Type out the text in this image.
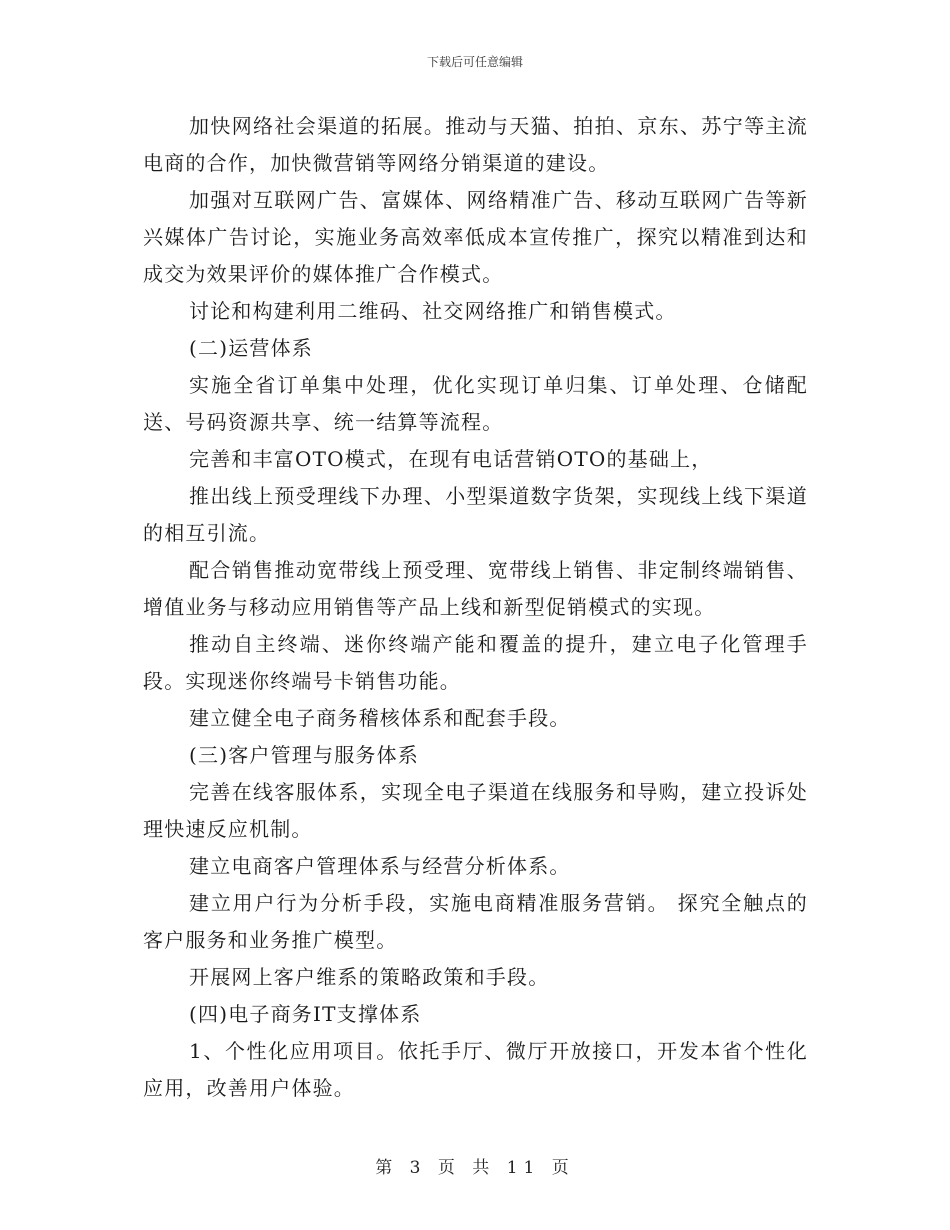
下载后可任意编辑

加快网络社会渠道的拓展。推动与天猫、拍拍、京东、苏宁等主流电商的合作，加快微营销等网络分销渠道的建设。

加强对互联网广告、富媒体、网络精准广告、移动互联网广告等新兴媒体广告讨论，实施业务高效率低成本宣传推广，探究以精准到达和成交为效果评价的媒体推广合作模式。

讨论和构建利用二维码、社交网络推广和销售模式。

(二)运营体系

实施全省订单集中处理，优化实现订单归集、订单处理、仓储配送、号码资源共享、统一结算等流程。

完善和丰富OTO模式，在现有电话营销OTO的基础上，

推出线上预受理线下办理、小型渠道数字货架，实现线上线下渠道的相互引流。

配合销售推动宽带线上预受理、宽带线上销售、非定制终端销售、增值业务与移动应用销售等产品上线和新型促销模式的实现。

推动自主终端、迷你终端产能和覆盖的提升，建立电子化管理手段。实现迷你终端号卡销售功能。

建立健全电子商务稽核体系和配套手段。

(三)客户管理与服务体系

完善在线客服体系，实现全电子渠道在线服务和导购，建立投诉处理快速反应机制。

建立电商客户管理体系与经营分析体系。

建立用户行为分析手段，实施电商精准服务营销。 探究全触点的客户服务和业务推广模型。

开展网上客户维系的策略政策和手段。

(四)电子商务IT支撑体系

1、个性化应用项目。依托手厅、微厅开放接口，开发本省个性化应用，改善用户体验。

第 3 页 共 11 页
